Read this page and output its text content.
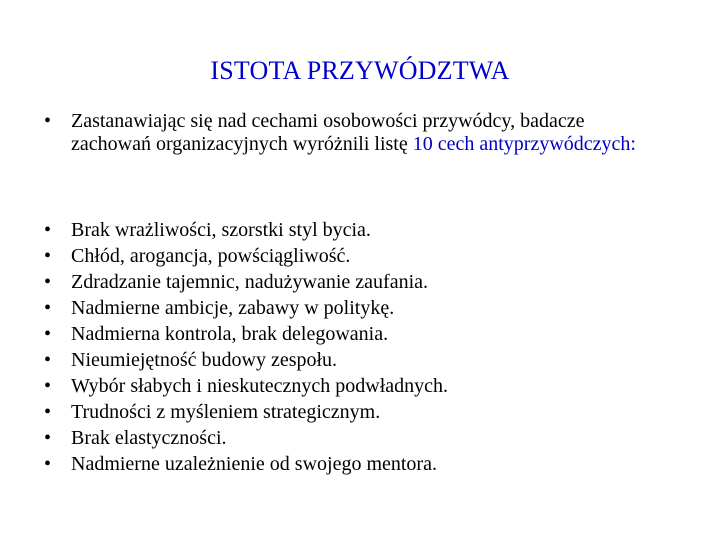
ISTOTA PRZYWÓDZTWA
• Zastanawiając się nad cechami osobowości przywódcy, badacze zachowań organizacyjnych wyróżnili listę 10 cech antyprzywódczych:
• Brak wrażliwości, szorstki styl bycia.
• Chłód, arogancja, powściągliwość.
• Zdradzanie tajemnic, nadużywanie zaufania.
• Nadmierne ambicje, zabawy w politykę.
• Nadmierna kontrola, brak delegowania.
• Nieumiejętność budowy zespołu.
• Wybór słabych i nieskutecznych podwładnych.
• Trudności z myśleniem strategicznym.
• Brak elastyczności.
• Nadmierne uzależnienie od swojego mentora.
